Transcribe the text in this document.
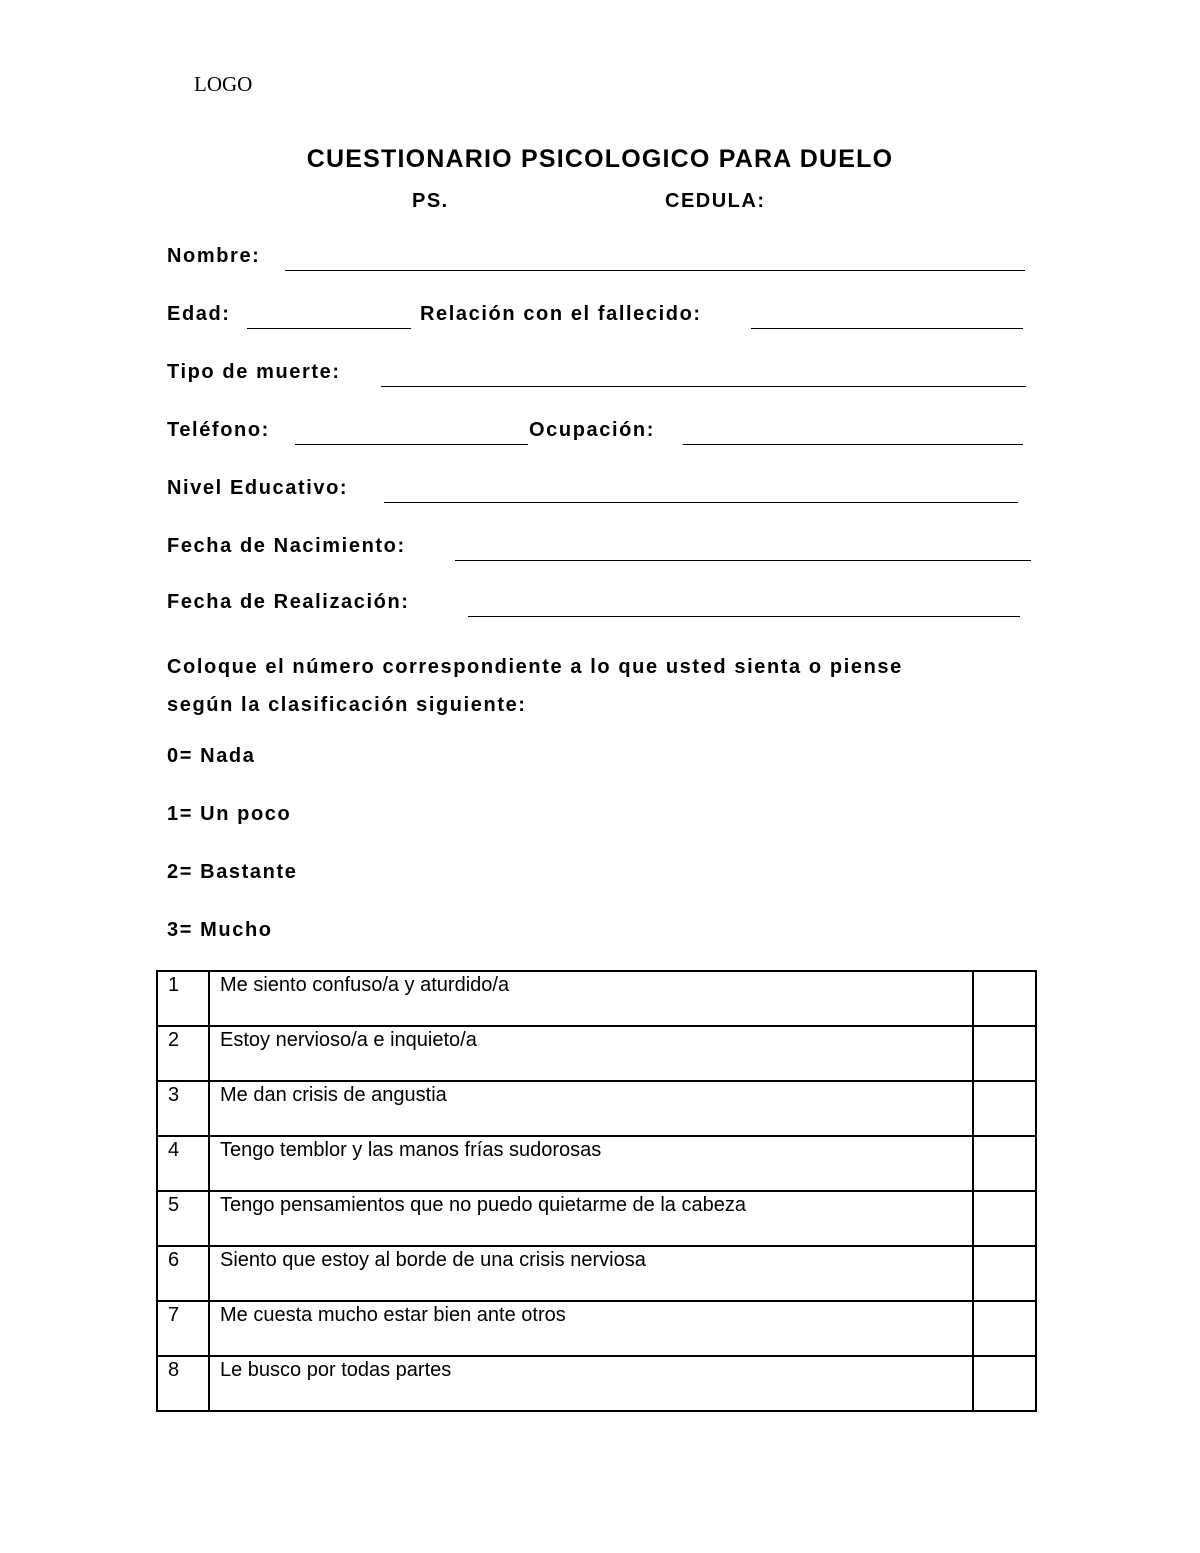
LOGO
CUESTIONARIO PSICOLOGICO PARA DUELO
PS.	CEDULA:
Nombre:
Edad:	Relación con el fallecido:
Tipo de muerte:
Teléfono:	Ocupación:
Nivel Educativo:
Fecha de Nacimiento:
Fecha de Realización:
Coloque el número correspondiente a lo que usted sienta o piense
según la clasificación siguiente:
0= Nada
1= Un poco
2= Bastante
3= Mucho
1	Me siento confuso/a y aturdido/a	
2	Estoy nervioso/a e inquieto/a	
3	Me dan crisis de angustia	
4	Tengo temblor y las manos frías sudorosas	
5	Tengo pensamientos que no puedo quietarme de la cabeza	
6	Siento que estoy al borde de una crisis nerviosa	
7	Me cuesta mucho estar bien ante otros	
8	Le busco por todas partes	
